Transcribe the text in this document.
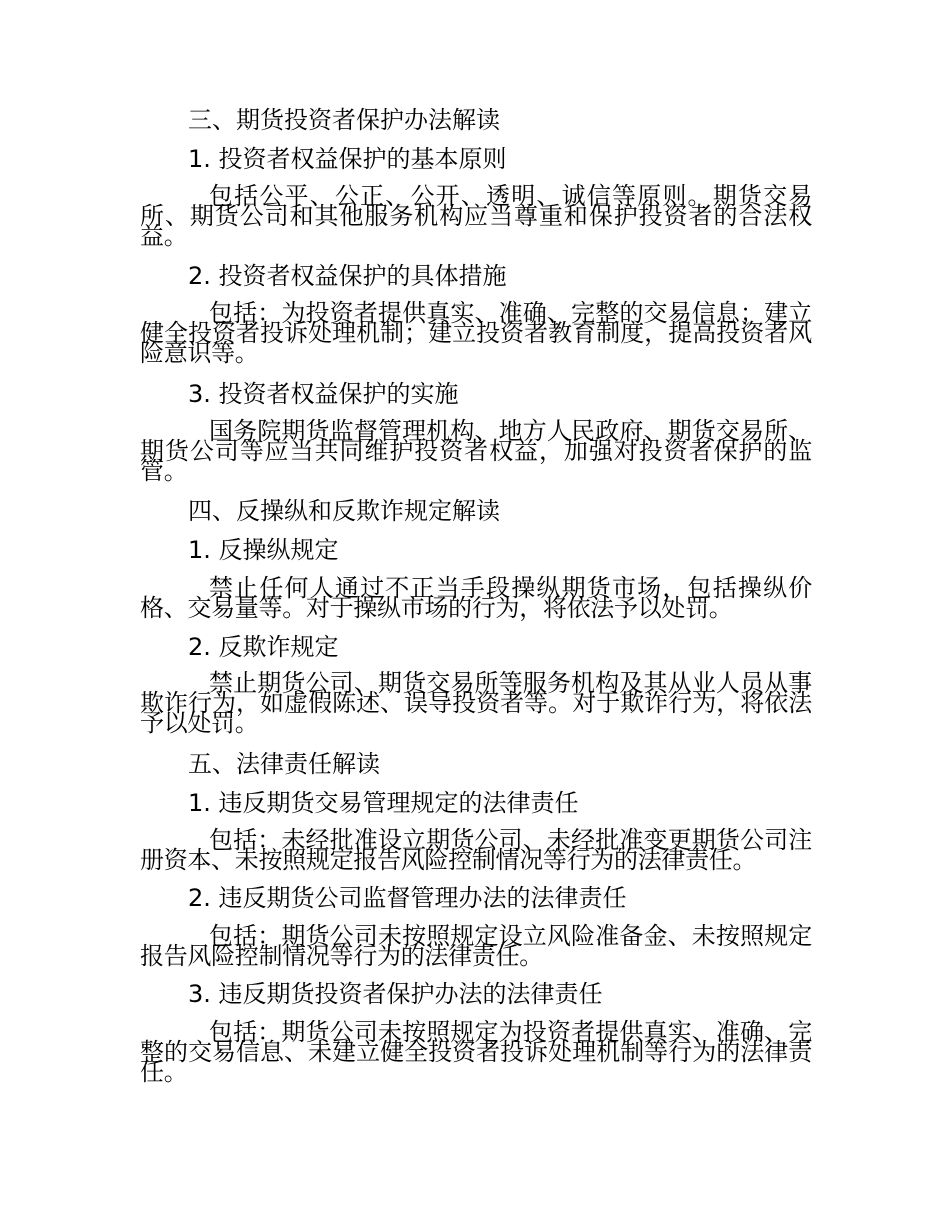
三、期货投资者保护办法解读
1. 投资者权益保护的基本原则
包括公平、公正、公开、透明、诚信等原则。期货交易所、期货公司和其他服务机构应当尊重和保护投资者的合法权益。
2. 投资者权益保护的具体措施
包括：为投资者提供真实、准确、完整的交易信息；建立健全投资者投诉处理机制；建立投资者教育制度，提高投资者风险意识等。
3. 投资者权益保护的实施
国务院期货监督管理机构、地方人民政府、期货交易所、期货公司等应当共同维护投资者权益，加强对投资者保护的监管。
四、反操纵和反欺诈规定解读
1. 反操纵规定
禁止任何人通过不正当手段操纵期货市场，包括操纵价格、交易量等。对于操纵市场的行为，将依法予以处罚。
2. 反欺诈规定
禁止期货公司、期货交易所等服务机构及其从业人员从事欺诈行为，如虚假陈述、误导投资者等。对于欺诈行为，将依法予以处罚。
五、法律责任解读
1. 违反期货交易管理规定的法律责任
包括：未经批准设立期货公司、未经批准变更期货公司注册资本、未按照规定报告风险控制情况等行为的法律责任。
2. 违反期货公司监督管理办法的法律责任
包括：期货公司未按照规定设立风险准备金、未按照规定报告风险控制情况等行为的法律责任。
3. 违反期货投资者保护办法的法律责任
包括：期货公司未按照规定为投资者提供真实、准确、完整的交易信息、未建立健全投资者投诉处理机制等行为的法律责任。
